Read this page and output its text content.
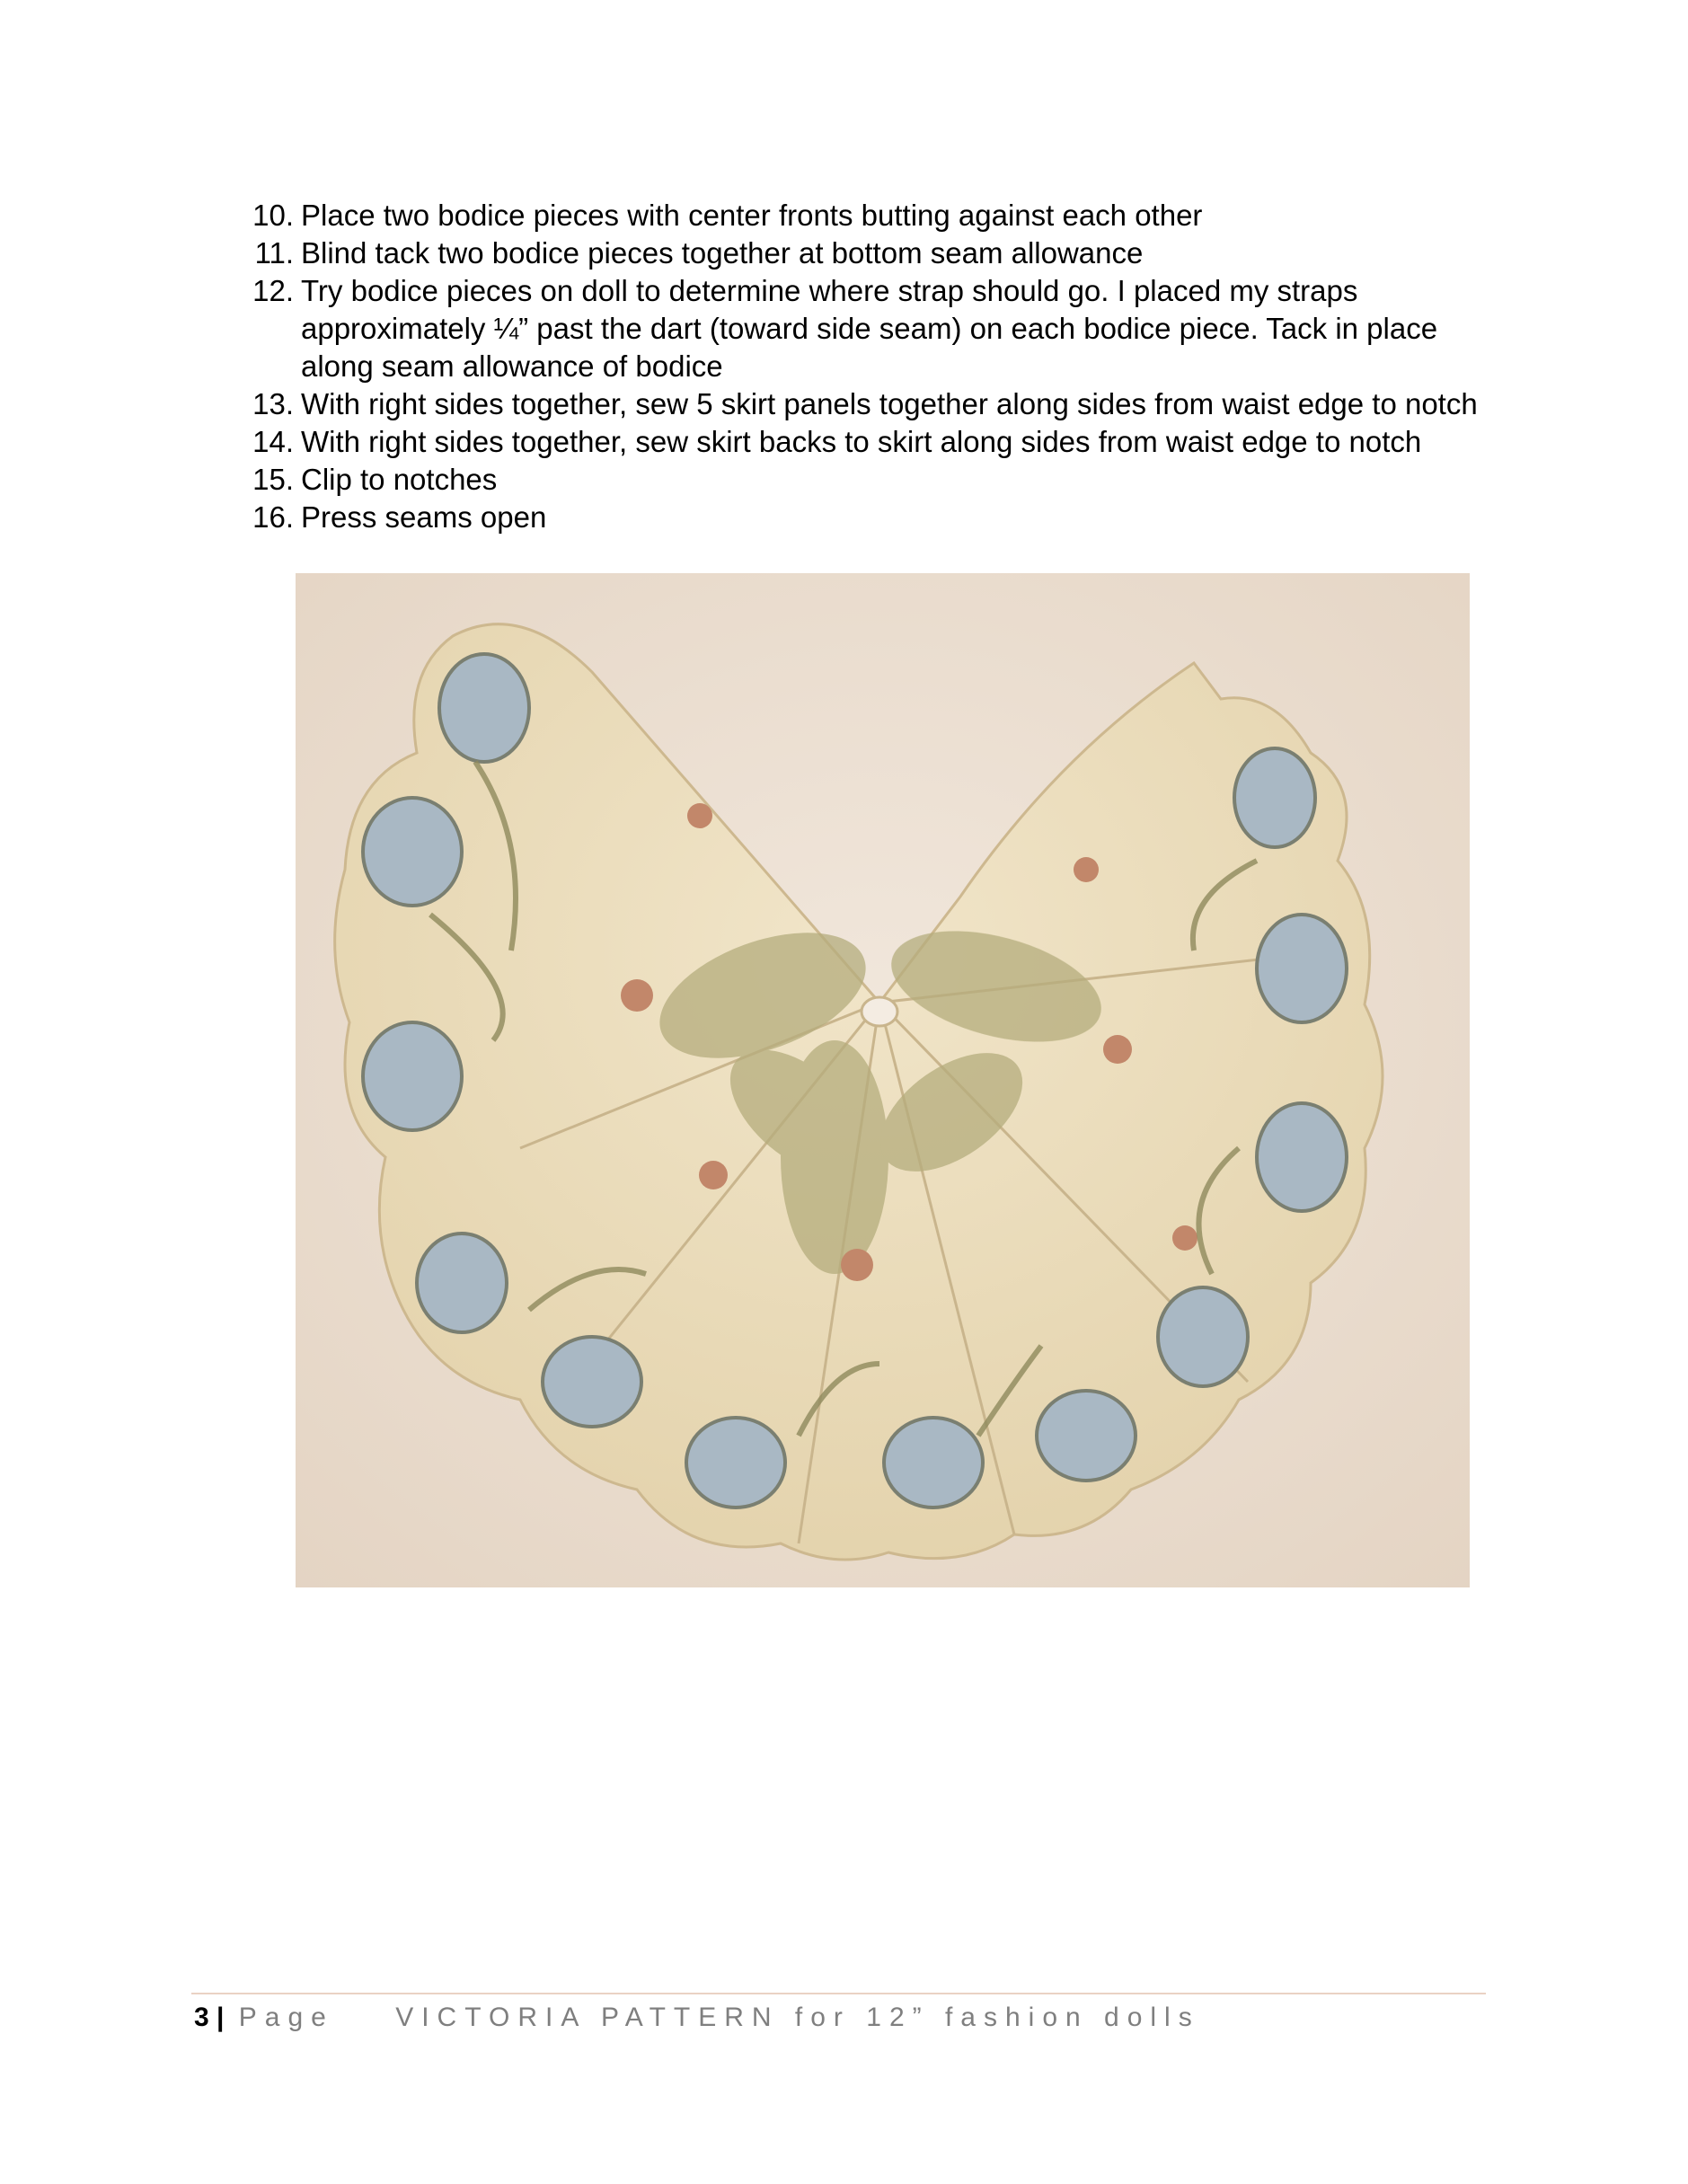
10. Place two bodice pieces with center fronts butting against each other
11. Blind tack two bodice pieces together at bottom seam allowance
12. Try bodice pieces on doll to determine where strap should go. I placed my straps approximately ¼” past the dart (toward side seam) on each bodice piece. Tack in place along seam allowance of bodice
13. With right sides together, sew 5 skirt panels together along sides from waist edge to notch
14. With right sides together, sew skirt backs to skirt along sides from waist edge to notch
15. Clip to notches
16. Press seams open
3 | Page VICTORIA PATTERN for 12” fashion dolls
